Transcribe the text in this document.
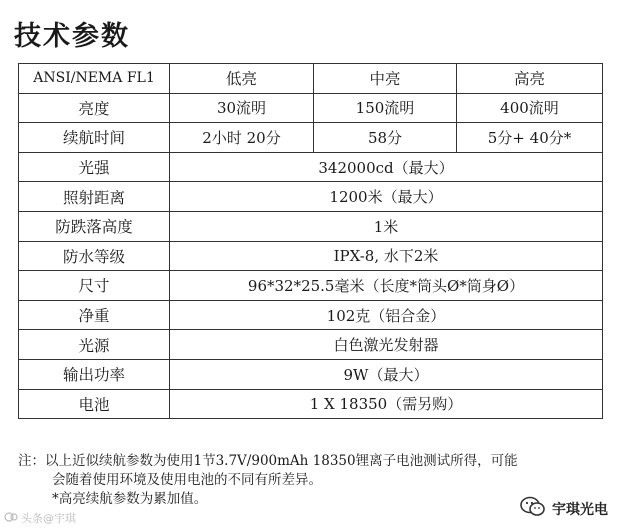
技术参数
ANSI/NEMA FL1	低亮	中亮	高亮
亮度	30流明	150流明	400流明
续航时间	2小时 20分	58分	5分+ 40分*
光强	342000cd（最大）		
照射距离	1200米（最大）		
防跌落高度	1米		
防水等级	IPX-8, 水下2米		
尺寸	96*32*25.5毫米（长度*筒头Ø*筒身Ø）		
净重	102克（铝合金）		
光源	白色激光发射器		
输出功率	9W（最大）		
电池	1 X 18350（需另购）		
注：以上近似续航参数为使用1节3.7V/900mAh 18350锂离子电池测试所得，可能
会随着使用环境及使用电池的不同有所差异。
*高亮续航参数为累加值。
头条@宇琪
宇琪光电
